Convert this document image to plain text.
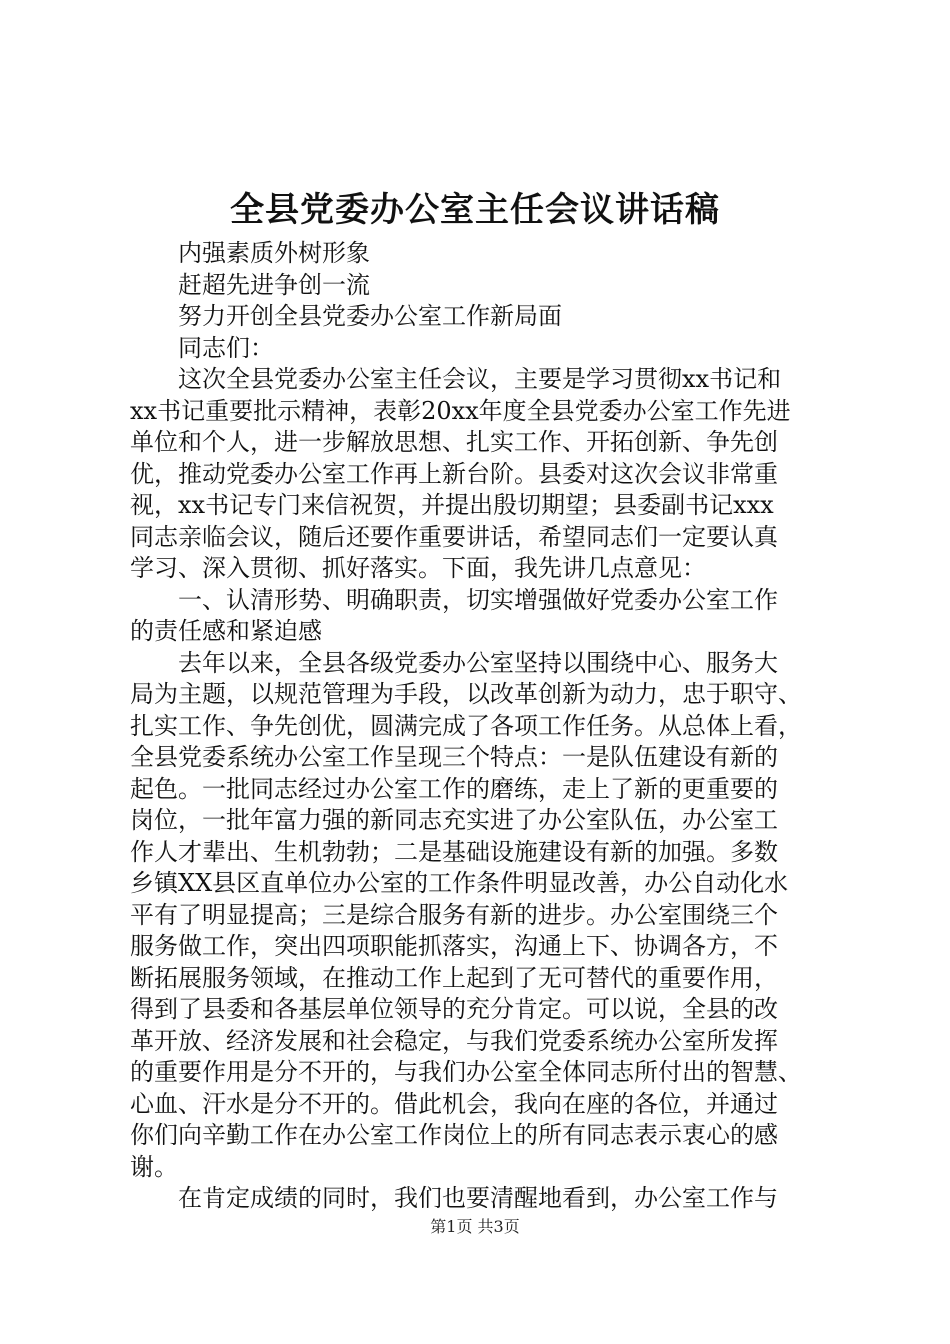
全县党委办公室主任会议讲话稿

内强素质外树形象

赶超先进争创一流

努力开创全县党委办公室工作新局面

同志们：

这次全县党委办公室主任会议，主要是学习贯彻xx书记和

xx书记重要批示精神，表彰20xx年度全县党委办公室工作先进

单位和个人，进一步解放思想、扎实工作、开拓创新、争先创

优，推动党委办公室工作再上新台阶。县委对这次会议非常重

视，xx书记专门来信祝贺，并提出殷切期望；县委副书记xxx

同志亲临会议，随后还要作重要讲话，希望同志们一定要认真

学习、深入贯彻、抓好落实。下面，我先讲几点意见：

一、认清形势、明确职责，切实增强做好党委办公室工作

的责任感和紧迫感

去年以来，全县各级党委办公室坚持以围绕中心、服务大

局为主题，以规范管理为手段，以改革创新为动力，忠于职守、

扎实工作、争先创优，圆满完成了各项工作任务。从总体上看，

全县党委系统办公室工作呈现三个特点：一是队伍建设有新的

起色。一批同志经过办公室工作的磨练，走上了新的更重要的

岗位，一批年富力强的新同志充实进了办公室队伍，办公室工

作人才辈出、生机勃勃；二是基础设施建设有新的加强。多数

乡镇XX县区直单位办公室的工作条件明显改善，办公自动化水

平有了明显提高；三是综合服务有新的进步。办公室围绕三个

服务做工作，突出四项职能抓落实，沟通上下、协调各方，不

断拓展服务领域，在推动工作上起到了无可替代的重要作用，

得到了县委和各基层单位领导的充分肯定。可以说，全县的改

革开放、经济发展和社会稳定，与我们党委系统办公室所发挥

的重要作用是分不开的，与我们办公室全体同志所付出的智慧、

心血、汗水是分不开的。借此机会，我向在座的各位，并通过

你们向辛勤工作在办公室工作岗位上的所有同志表示衷心的感

谢。

在肯定成绩的同时，我们也要清醒地看到，办公室工作与

第1页 共3页
